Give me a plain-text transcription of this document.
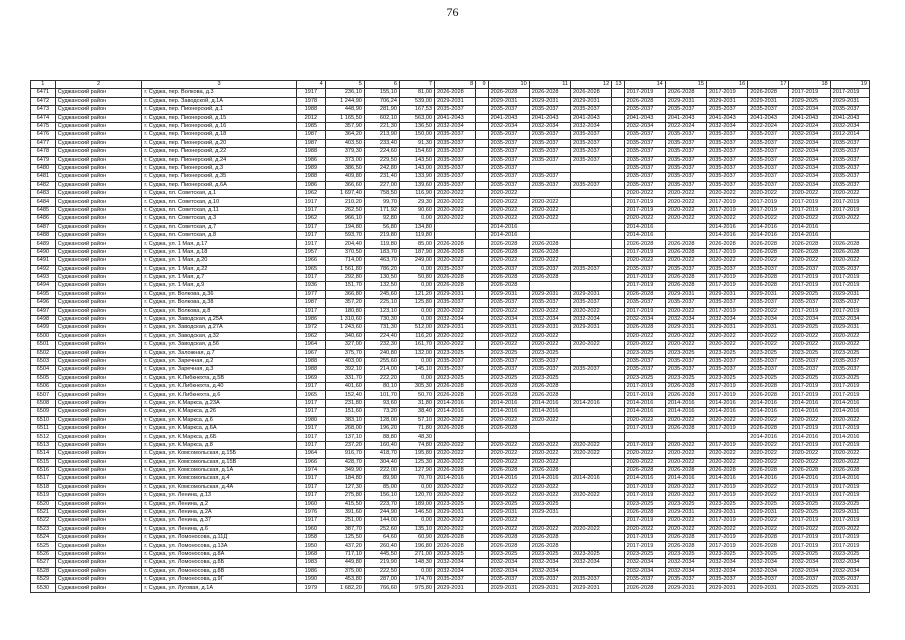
76
1	2	3	4	5	6	7	8	9	10	11	12	13	14	15	16	17	18	19
6471	Суджанский район	г. Суджа, пер. Волкова, д.3	1917	236,10	155,10	81,00	2026-2028		2026-2028	2026-2028	2026-2028		2017-2019	2026-2028	2017-2019	2026-2028	2017-2019	2017-2019
6472	Суджанский район	г. Суджа, пер. Заводской, д.1А	1978	1 244,90	706,24	539,00	2029-2031		2029-2031	2029-2031	2029-2031		2026-2028	2029-2031	2029-2031	2029-2031	2029-2025	2029-2031
6473	Суджанский район	г. Суджа, пер. Пионерский, д.1	1988	448,90	281,90	167,53	2035-2037		2035-2037	2035-2037	2035-2037		2035-2037	2035-2037	2035-2037	2035-2037	2032-2034	2035-2037
6474	Суджанский район	г. Суджа, пер. Пионерский, д.15	2012	1 165,50	602,10	563,00	2041-2043		2041-2043	2041-2043	2041-2043		2041-2043	2041-2043	2041-2043	2041-2043	2041-2043	2041-2043
6475	Суджанский район	г. Суджа, пер. Пионерский, д.16	1985	357,90	221,30	136,50	2032-2034		2032-2034	2032-2034	2032-2034		2032-2034	2022-2024	2032-2034	2022-2024	2022-2024	2032-2034
6476	Суджанский район	г. Суджа, пер. Пионерский, д.18	1987	364,20	213,90	150,00	2035-2037		2035-2037	2035-2037	2035-2037		2035-2037	2035-2037	2035-2037	2035-2037	2032-2034	2012-2014
6477	Суджанский район	г. Суджа, пер. Пионерский, д.20	1987	403,50	233,40	91,30	2035-2037		2035-2037	2035-2037	2035-2037		2035-2037	2035-2037	2035-2037	2035-2037	2032-2034	2035-2037
6478	Суджанский район	г. Суджа, пер. Пионерский, д.22	1988	379,30	224,60	154,60	2035-2037		2035-2037	2035-2037	2035-2037		2035-2037	2035-2037	2035-2037	2035-2037	2032-2034	2035-2037
6479	Суджанский район	г. Суджа, пер. Пионерский, д.24	1986	373,00	229,50	143,50	2035-2037		2035-2037	2035-2037	2035-2037		2035-2037	2035-2037	2035-2037	2035-2037	2032-2034	2035-2037
6480	Суджанский район	г. Суджа, пер. Пионерский, д.3	1989	386,50	242,80	143,00	2035-2037		2035-2037				2035-2037	2035-2037	2035-2037	2035-2037	2032-2034	2035-2037
6481	Суджанский район	г. Суджа, пер. Пионерский, д.35	1988	409,80	231,40	133,90	2035-2037		2035-2037	2035-2037			2035-2037	2035-2037	2035-2037	2035-2037	2032-2034	2035-2037
6482	Суджанский район	г. Суджа, пер. Пионерский, д.6А	1986	366,60	227,00	139,60	2035-2037		2035-2037	2035-2037	2035-2037		2035-2037	2035-2037	2035-2037	2035-2037	2032-2034	2035-2037
6483	Суджанский район	г. Суджа, пл. Советская, д.1	1962	1 697,40	758,50	116,90	2020-2022		2020-2022				2020-2022	2020-2022	2020-2022	2020-2022	2020-2022	2020-2022
6484	Суджанский район	г. Суджа, пл. Советская, д.10	1917	210,20	99,70	29,30	2020-2022		2020-2022	2020-2022			2017-2019	2020-2022	2017-2019	2017-2019	2017-2019	2017-2019
6485	Суджанский район	г. Суджа, пл. Советская, д.11	1917	262,50	171,92	90,60	2020-2022		2020-2022	2020-2022			2017-2019	2020-2022	2017-2019	2017-2019	2017-2019	2017-2019
6486	Суджанский район	г. Суджа, пл. Советская, д.3	1962	966,10	92,80	0,00	2020-2022		2020-2022	2020-2022			2020-2022	2020-2022	2020-2022	2020-2022	2020-2022	2020-2022
6487	Суджанский район	г. Суджа, пл. Советская, д.7	1917	194,80	56,80	134,80			2014-2016				2014-2016		2014-2016	2014-2016	2014-2016	
6488	Суджанский район	г. Суджа, пл. Советская, д.8	1917	593,70	219,80	119,80			2014-2016				2014-2016		2014-2016	2014-2016	2014-2016	
6489	Суджанский район	г. Суджа, ул. 1 Мая, д.17	1917	204,40	119,80	85,00	2026-2028		2026-2028	2026-2028			2026-2028	2026-2028	2026-2028	2026-2028	2026-2028	2026-2028
6490	Суджанский район	г. Суджа, ул. 1 Мая, д.18	1957	370,50	183,70	187,90	2026-2028		2026-2028	2026-2028			2017-2019	2026-2028	2017-2019	2026-2028	2026-2028	2026-2028
6491	Суджанский район	г. Суджа, ул. 1 Мая, д.20	1966	714,00	463,70	249,00	2020-2022		2020-2022	2020-2022			2020-2022	2020-2022	2020-2022	2020-2022	2020-2022	2020-2022
6492	Суджанский район	г. Суджа, ул. 1 Мая, д.22	1965	1 561,80	786,20	0,00	2035-2037		2035-2037	2035-2037	2035-2037		2035-2037	2035-2037	2035-2037	2035-2037	2035-2037	2035-2037
6493	Суджанский район	г. Суджа, ул. 1 Мая, д.7	1917	292,80	130,50	50,80	2026-2028		2026-2028	2026-2028			2017-2019	2026-2028	2017-2019	2026-2028	2017-2019	2017-2019
6494	Суджанский район	г. Суджа, ул. 1 Мая, д.9	1936	151,70	132,50	0,00	2026-2028		2026-2028				2017-2019	2026-2028	2017-2019	2026-2028	2017-2019	2017-2019
6495	Суджанский район	г. Суджа, ул. Волкова, д.36	1977	366,80	245,60	121,20	2029-2031		2029-2031	2029-2031	2029-2031		2026-2028	2029-2031	2029-2031	2029-2031	2029-2025	2029-2031
6496	Суджанский район	г. Суджа, ул. Волкова, д.38	1987	357,20	225,10	125,80	2035-2037		2035-2037	2035-2037	2035-2037		2035-2037	2035-2037	2035-2037	2035-2037	2035-2037	2035-2037
6497	Суджанский район	г. Суджа, ул. Волкова, д.8	1917	180,80	123,10	0,00	2020-2022		2020-2022	2020-2022	2020-2022		2017-2019	2020-2022	2017-2019	2020-2022	2017-2019	2017-2019
6498	Суджанский район	г. Суджа, ул. Заводская, д.25А	1986	1 310,60	730,30	0,00	2032-2034		2032-2034	2032-2034	2032-2034		2032-2034	2032-2034	2032-2034	2032-2034	2032-2034	2032-2034
6499	Суджанский район	г. Суджа, ул. Заводская, д.27А	1972	1 243,60	731,30	512,00	2029-2031		2029-2031	2029-2031	2029-2031		2026-2028	2029-2031	2029-2031	2029-2031	2029-2025	2029-2031
6500	Суджанский район	г. Суджа, ул. Заводская, д.32	1962	340,60	224,40	116,20	2020-2022		2020-2022	2020-2022			2020-2022	2020-2022	2020-2022	2020-2022	2020-2022	2020-2022
6501	Суджанский район	г. Суджа, ул. Заводская, д.56	1964	327,00	232,30	161,70	2020-2022		2020-2022	2020-2022	2020-2022		2020-2022	2020-2022	2020-2022	2020-2022	2020-2022	2020-2022
6502	Суджанский район	г. Суджа, ул. Заложная, д.7	1967	375,70	240,80	132,00	2023-2025		2023-2025	2023-2025			2023-2025	2023-2025	2023-2025	2023-2025	2023-2025	2023-2025
6503	Суджанский район	г. Суджа, ул. Заречная, д.2	1988	403,00	255,60	0,00	2035-2037		2035-2037	2035-2037			2035-2037	2035-2037	2035-2037	2035-2037	2035-2037	2035-2037
6504	Суджанский район	г. Суджа, ул. Заречная, д.3	1988	392,10	214,00	145,10	2035-2037		2035-2037	2035-2037	2035-2037		2035-2037	2035-2037	2035-2037	2035-2037	2035-2037	2035-2037
6505	Суджанский район	г. Суджа, ул. К.Либкнехта, д.5В	1969	331,70	222,20	0,00	2023-2025		2023-2025	2023-2025			2023-2025	2023-2025	2023-2025	2023-2025	2023-2025	2023-2025
6506	Суджанский район	г. Суджа, ул. К.Либкнехта, д.40	1917	401,60	80,10	305,30	2026-2028		2026-2028	2026-2028			2017-2019	2026-2028	2017-2019	2026-2028	2017-2019	2017-2019
6507	Суджанский район	г. Суджа, ул. К.Либкнехта, д.6	1965	152,40	101,70	50,70	2026-2028		2026-2028	2026-2028			2017-2019	2026-2028	2017-2019	2026-2028	2017-2019	2017-2019
6508	Суджанский район	г. Суджа, ул. К.Маркса, д.23А	1917	231,80	93,60	31,80	2014-2016		2014-2016	2014-2016	2014-2016		2014-2016	2014-2016	2014-2016	2014-2016	2014-2016	2014-2016
6509	Суджанский район	г. Суджа, ул. К.Маркса, д.26	1917	151,60	73,20	38,40	2014-2016		2014-2016	2014-2016			2014-2016	2014-2016	2014-2016	2014-2016	2014-2016	2014-2016
6510	Суджанский район	г. Суджа, ул. К.Маркса, д.6	1980	383,10	128,00	57,10	2020-2022		2020-2022	2020-2022			2020-2022	2020-2022	2020-2022	2020-2022	2020-2022	2020-2022
6511	Суджанский район	г. Суджа, ул. К.Маркса, д.6А	1917	268,00	196,20	71,80	2026-2028		2026-2028				2017-2019	2026-2028	2017-2019	2026-2028	2017-2019	2017-2019
6512	Суджанский район	г. Суджа, ул. К.Маркса, д.6Б	1917	137,10	88,80	48,30										2014-2016	2014-2016	2014-2016
6513	Суджанский район	г. Суджа, ул. К.Маркса, д.8	1917	237,20	160,40	74,80	2020-2022		2020-2022	2020-2022	2020-2022		2017-2019	2020-2022	2017-2019	2020-2022	2017-2019	2017-2019
6514	Суджанский район	г. Суджа, ул. Комсомольская, д.15Б	1964	916,70	418,70	195,80	2020-2022		2020-2022	2020-2022	2020-2022		2020-2022	2020-2022	2020-2022	2020-2022	2020-2022	2020-2022
6515	Суджанский район	г. Суджа, ул. Комсомольская, д.15В	1966	428,70	304,40	125,30	2020-2022		2020-2022	2020-2022			2020-2022	2020-2022	2020-2022	2020-2022	2020-2022	2020-2022
6516	Суджанский район	г. Суджа, ул. Комсомольская, д.1А	1974	349,90	222,00	127,90	2026-2028		2026-2028	2026-2028			2026-2028	2026-2028	2026-2028	2026-2028	2026-2028	2026-2028
6517	Суджанский район	г. Суджа, ул. Комсомольская, д.4	1917	184,80	89,90	70,70	2014-2016		2014-2016	2014-2016	2014-2016		2014-2016	2014-2016	2014-2016	2014-2016	2014-2016	2014-2016
6518	Суджанский район	г. Суджа, ул. Комсомольская, д.4А	1917	127,30	85,00	0,00	2020-2022		2020-2022	2020-2022			2017-2019	2020-2022	2017-2019	2020-2022	2017-2019	2017-2019
6519	Суджанский район	г. Суджа, ул. Ленина, д.13	1917	275,80	156,10	120,70	2020-2022		2020-2022	2020-2022	2020-2022		2017-2019	2020-2022	2017-2019	2020-2022	2017-2019	2017-2019
6520	Суджанский район	г. Суджа, ул. Ленина, д.2	1960	415,50	223,70	189,00	2023-2025		2023-2025	2023-2025			2023-2025	2023-2025	2023-2025	2023-2025	2023-2025	2023-2025
6521	Суджанский район	г. Суджа, ул. Ленина, д.2А	1976	391,60	244,90	146,50	2029-2031		2029-2031	2029-2031			2026-2028	2029-2031	2029-2031	2029-2031	2029-2025	2029-2031
6522	Суджанский район	г. Суджа, ул. Ленина, д.37	1917	251,00	144,00	0,00	2020-2022		2020-2022				2017-2019	2020-2022	2017-2019	2020-2022	2017-2019	2017-2019
6523	Суджанский район	г. Суджа, ул. Ленина, д.6	1960	387,70	252,60	135,10	2020-2022		2020-2022	2020-2022	2020-2022		2020-2022	2020-2022	2020-2022	2020-2022	2020-2022	2020-2022
6524	Суджанский район	г. Суджа, ул. Ломоносова, д.11Д	1958	125,50	64,60	60,90	2026-2028		2026-2028	2026-2028			2017-2019	2026-2028	2017-2019	2026-2028	2017-2019	2017-2019
6525	Суджанский район	г. Суджа, ул. Ломоносова, д.13А	1950	437,20	260,40	196,80	2026-2028		2026-2028	2026-2028			2017-2019	2026-2028	2017-2019	2026-2028	2017-2019	2017-2019
6526	Суджанский район	г. Суджа, ул. Ломоносова, д.8А	1968	717,10	445,50	271,00	2023-2025		2023-2025	2023-2025	2023-2025		2023-2025	2023-2025	2023-2025	2023-2025	2023-2025	2023-2025
6527	Суджанский район	г. Суджа, ул. Ломоносова, д.8Б	1983	449,80	219,90	148,30	2032-2034		2032-2034	2032-2034	2032-2034		2032-2034	2032-2034	2032-2034	2032-2034	2032-2034	2032-2034
6528	Суджанский район	г. Суджа, ул. Ломоносова, д.8В	1986	375,00	222,50	0,00	2032-2034		2032-2034	2032-2034			2032-2034	2032-2034	2032-2034	2032-2034	2032-2034	2032-2034
6529	Суджанский район	г. Суджа, ул. Ломоносова, д.9Г	1990	453,80	287,00	174,70	2035-2037		2035-2037	2035-2037	2035-2037		2035-2037	2035-2037	2035-2037	2035-2037	2035-2037	2035-2037
6530	Суджанский район	г. Суджа, ул. Луговая, д.1А	1979	1 682,20	766,60	975,80	2029-2031		2029-2031	2029-2031	2029-2031		2026-2028	2029-2031	2029-2031	2029-2031	2023-2025	2029-2031
